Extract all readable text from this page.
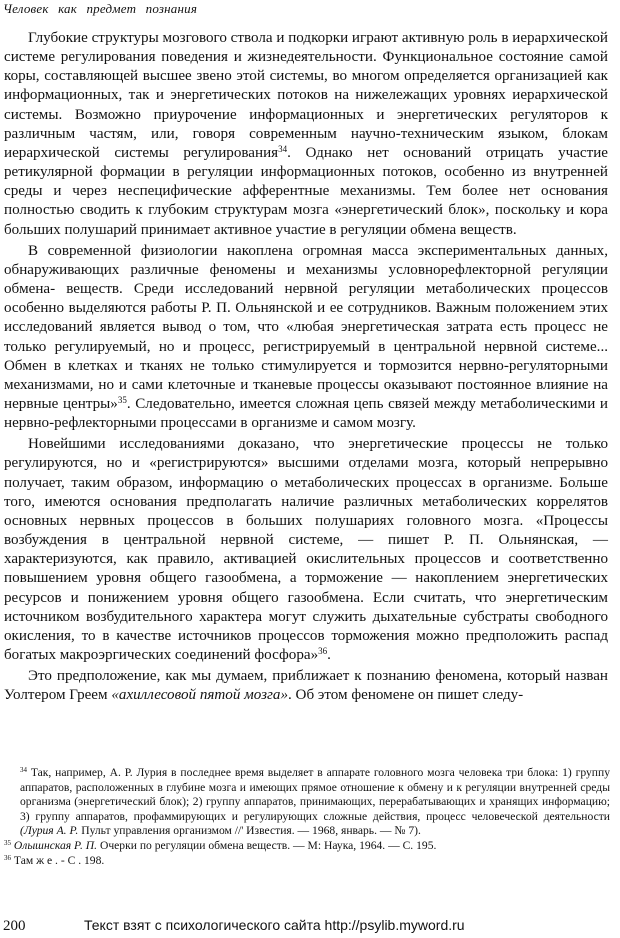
Человек как предмет познания

Глубокие структуры мозгового ствола и подкорки играют активную роль в иерархической системе регулирования поведения и жизнедеятельности. Функциональное состояние самой коры, составляющей высшее звено этой системы, во многом определяется организацией как информационных, так и энергетических потоков на нижележащих уровнях иерархической системы. Возможно приурочение информационных и энергетических регуляторов к различным частям, или, говоря современным научно-техническим языком, блокам иерархической системы регулирования$^{34}$. Однако нет оснований отрицать участие ретикулярной формации в регуляции информационных потоков, особенно из внутренней среды и через неспецифические афферентные механизмы. Тем более нет основания полностью сводить к глубоким структурам мозга «энергетический блок», поскольку и кора больших полушарий принимает активное участие в регуляции обмена веществ.

В современной физиологии накоплена огромная масса экспериментальных данных, обнаруживающих различные феномены и механизмы условнорефлекторной регуляции обмена- веществ. Среди исследований нервной регуляции метаболических процессов особенно выделяются работы Р. П. Ольнянской и ее сотрудников. Важным положением этих исследований является вывод о том, что «любая энергетическая затрата есть процесс не только регулируемый, но и процесс, регистрируемый в центральной нервной системе... Обмен в клетках и тканях не только стимулируется и тормозится нервно-регуляторными механизмами, но и сами клеточные и тканевые процессы оказывают постоянное влияние на нервные центры»$^{35}$. Следовательно, имеется сложная цепь связей между метаболическими и нервно-рефлекторными процессами в организме и самом мозгу.

Новейшими исследованиями доказано, что энергетические процессы не только регулируются, но и «регистрируются» высшими отделами мозга, который непрерывно получает, таким образом, информацию о метаболических процессах в организме. Больше того, имеются основания предполагать наличие различных метаболических коррелятов основных нервных процессов в больших полушариях головного мозга. «Процессы возбуждения в центральной нервной системе, — пишет Р. П. Ольнянская, — характеризуются, как правило, активацией окислительных процессов и соответственно повышением уровня общего газообмена, а торможение — накоплением энергетических ресурсов и понижением уровня общего газообмена. Если считать, что энергетическим источником возбудительного характера могут служить дыхательные субстраты свободного окисления, то в качестве источников процессов торможения можно предположить распад богатых макроэргических соединений фосфора»$^{36}$.

Это предположение, как мы думаем, приближает к познанию феномена, который назван Уолтером Греем «ахиллесовой пятой мозга». Об этом феномене он пишет следу-

$^{34}$ Так, например, А. Р. Лурия в последнее время выделяет в аппарате головного мозга человека три блока: 1) группу аппаратов, расположенных в глубине мозга и имеющих прямое отношение к обмену и к регуляции внутренней среды организма (энергетический блок); 2) группу аппаратов, принимающих, перерабатывающих и хранящих информацию; 3) группу аппаратов, профаммирующих и регулирующих сложные действия, процесс человеческой деятельности (Лурия А. Р. Пульт управления организмом //' Известия. — 1968, январь. — № 7).

$^{35}$ Олышнская Р. П. Очерки по регуляции обмена веществ. — М: Наука, 1964. — С. 195.

$^{36}$ Там ж е . - С . 198.

200	Текст взят с психологического сайта http://psylib.myword.ru
